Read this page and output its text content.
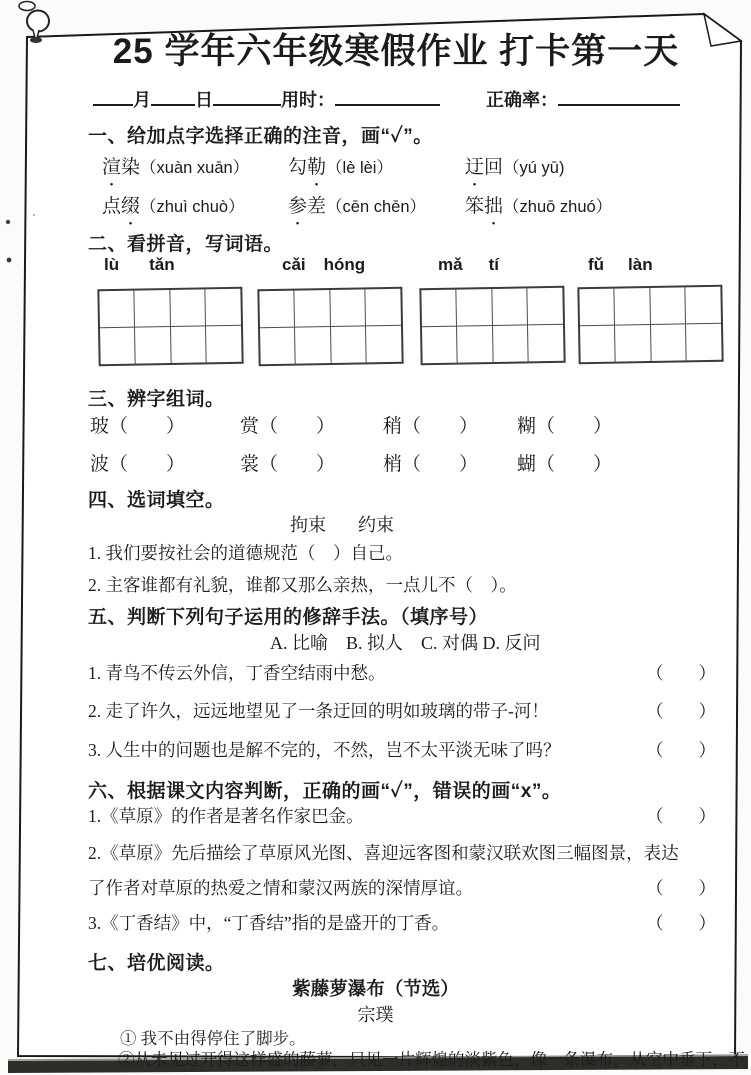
25 学年六年级寒假作业 打卡第一天
月 日	用时：	正确率：
一、给加点字选择正确的注音，画“✓”。
渲染（xuàn xuān） 勾勒（lè lèi）	迂回（yú yū)
点缀（zhuì chuò） 参差（cēn chēn） 笨拙（zhuō zhuó）
二、看拼音，写词语。
lù tǎn	cǎi hóng	mǎ tí	fǔ làn
三、辨字组词。
玻（　　）	赏（　　）	稍（　　） 糊（　　）
波（　　）	裳（　　）	梢（　　） 蝴（　　）
四、选词填空。
拘束 约束
1. 我们要按社会的道德规范（　）自己。
2. 主客谁都有礼貌，谁都又那么亲热，一点儿不（　）。
五、判断下列句子运用的修辞手法。（填序号）
A. 比喻　B. 拟人　C. 对偶 D. 反问
1. 青鸟不传云外信，丁香空结雨中愁。	（　　）
2. 走了许久，远远地望见了一条迂回的明如玻璃的带子-河！	（　　）
3. 人生中的问题也是解不完的，不然，岂不太平淡无味了吗？	（　　）
六、根据课文内容判断，正确的画“✓”，错误的画“x”。
1.《草原》的作者是著名作家巴金。	（　　）
2.《草原》先后描绘了草原风光图、喜迎远客图和蒙汉联欢图三幅图景，表达
了作者对草原的热爱之情和蒙汉两族的深情厚谊。	（　　）
3.《丁香结》中，“丁香结”指的是盛开的丁香。	（　　）
七、培优阅读。
紫藤萝瀑布（节选）
宗璞
① 我不由得停住了脚步。
②从未见过开得这样盛的藤萝，只见一片辉煌的淡紫色，像一条瀑布，从空中垂下，不
